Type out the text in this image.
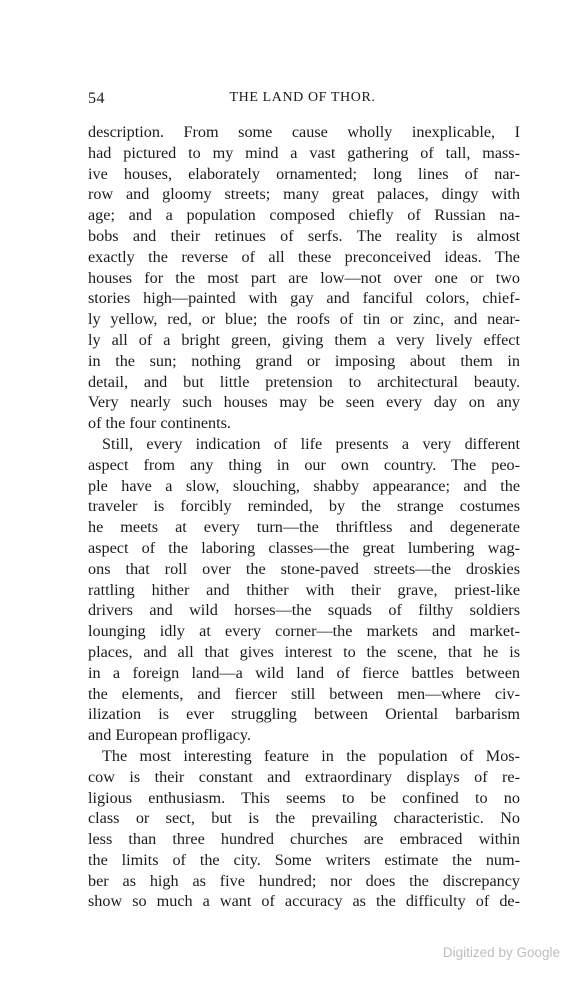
54	THE LAND OF THOR.
description. From some cause wholly inexplicable, I
had pictured to my mind a vast gathering of tall, mass-
ive houses, elaborately ornamented; long lines of nar-
row and gloomy streets; many great palaces, dingy with
age; and a population composed chiefly of Russian na-
bobs and their retinues of serfs. The reality is almost
exactly the reverse of all these preconceived ideas. The
houses for the most part are low—not over one or two
stories high—painted with gay and fanciful colors, chief-
ly yellow, red, or blue; the roofs of tin or zinc, and near-
ly all of a bright green, giving them a very lively effect
in the sun; nothing grand or imposing about them in
detail, and but little pretension to architectural beauty.
Very nearly such houses may be seen every day on any
of the four continents.
Still, every indication of life presents a very different
aspect from any thing in our own country. The peo-
ple have a slow, slouching, shabby appearance; and the
traveler is forcibly reminded, by the strange costumes
he meets at every turn—the thriftless and degenerate
aspect of the laboring classes—the great lumbering wag-
ons that roll over the stone-paved streets—the droskies
rattling hither and thither with their grave, priest-like
drivers and wild horses—the squads of filthy soldiers
lounging idly at every corner—the markets and market-
places, and all that gives interest to the scene, that he is
in a foreign land—a wild land of fierce battles between
the elements, and fiercer still between men—where civ-
ilization is ever struggling between Oriental barbarism
and European profligacy.
The most interesting feature in the population of Mos-
cow is their constant and extraordinary displays of re-
ligious enthusiasm. This seems to be confined to no
class or sect, but is the prevailing characteristic. No
less than three hundred churches are embraced within
the limits of the city. Some writers estimate the num-
ber as high as five hundred; nor does the discrepancy
show so much a want of accuracy as the difficulty of de-
Digitized by Google
